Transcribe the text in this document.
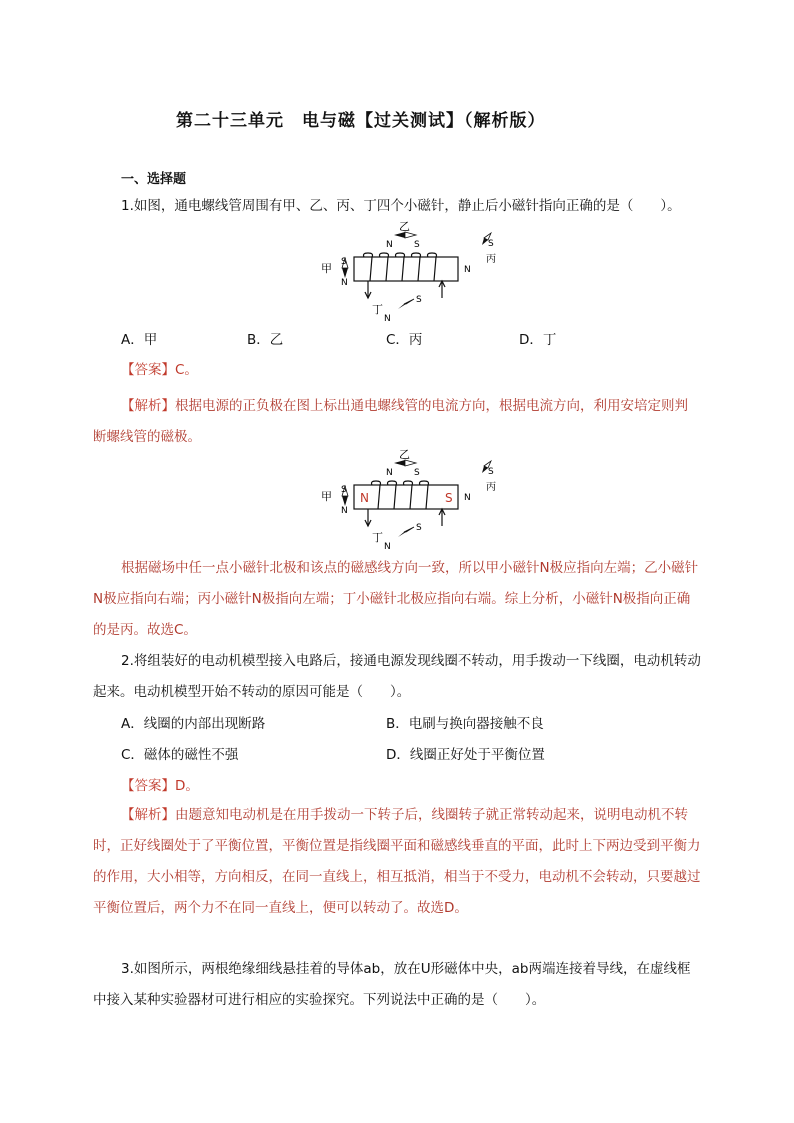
第二十三单元　电与磁【过关测试】（解析版）
一、选择题
1.如图，通电螺线管周围有甲、乙、丙、丁四个小磁针，静止后小磁针指向正确的是（　　）。
甲 S
N
乙
N S
N
S
丙
丁
N
S
A．甲	B．乙	C．丙	D．丁
【答案】C。
【解析】根据电源的正负极在图上标出通电螺线管的电流方向，根据电流方向，利用安培定则判断螺线管的磁极。
N	S
甲 S
N
乙
N S
N
S
丙
丁
N
S
根据磁场中任一点小磁针北极和该点的磁感线方向一致，所以甲小磁针N极应指向左端；乙小磁针N极应指向右端；丙小磁针N极指向左端；丁小磁针北极应指向右端。综上分析，小磁针N极指向正确的是丙。故选C。
2.将组装好的电动机模型接入电路后，接通电源发现线圈不转动，用手拨动一下线圈，电动机转动起来。电动机模型开始不转动的原因可能是（　　）。
A．线圈的内部出现断路	B．电刷与换向器接触不良
C．磁体的磁性不强	D．线圈正好处于平衡位置
【答案】D。
【解析】由题意知电动机是在用手拨动一下转子后，线圈转子就正常转动起来，说明电动机不转时，正好线圈处于了平衡位置，平衡位置是指线圈平面和磁感线垂直的平面，此时上下两边受到平衡力的作用，大小相等，方向相反，在同一直线上，相互抵消，相当于不受力，电动机不会转动，只要越过平衡位置后，两个力不在同一直线上，便可以转动了。故选D。
3.如图所示，两根绝缘细线悬挂着的导体ab，放在U形磁体中央，ab两端连接着导线，在虚线框中接入某种实验器材可进行相应的实验探究。下列说法中正确的是（　　）。
